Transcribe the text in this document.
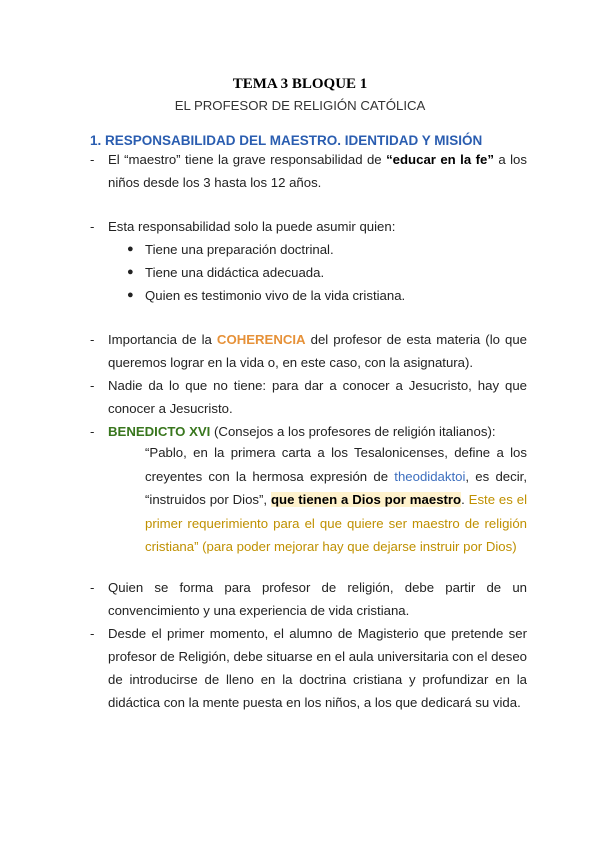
TEMA 3 BLOQUE 1
EL PROFESOR DE RELIGIÓN CATÓLICA
1. RESPONSABILIDAD DEL MAESTRO. IDENTIDAD Y MISIÓN
- El “maestro” tiene la grave responsabilidad de “educar en la fe” a los niños desde los 3 hasta los 12 años.
- Esta responsabilidad solo la puede asumir quien:
● Tiene una preparación doctrinal.
● Tiene una didáctica adecuada.
● Quien es testimonio vivo de la vida cristiana.
- Importancia de la COHERENCIA del profesor de esta materia (lo que queremos lograr en la vida o, en este caso, con la asignatura).
- Nadie da lo que no tiene: para dar a conocer a Jesucristo, hay que conocer a Jesucristo.
- BENEDICTO XVI (Consejos a los profesores de religión italianos):
“Pablo, en la primera carta a los Tesalonicenses, define a los creyentes con la hermosa expresión de theodidaktoi, es decir, “instruidos por Dios”, que tienen a Dios por maestro. Este es el primer requerimiento para el que quiere ser maestro de religión cristiana” (para poder mejorar hay que dejarse instruir por Dios)
- Quien se forma para profesor de religión, debe partir de un convencimiento y una experiencia de vida cristiana.
- Desde el primer momento, el alumno de Magisterio que pretende ser profesor de Religión, debe situarse en el aula universitaria con el deseo de introducirse de lleno en la doctrina cristiana y profundizar en la didáctica con la mente puesta en los niños, a los que dedicará su vida.
